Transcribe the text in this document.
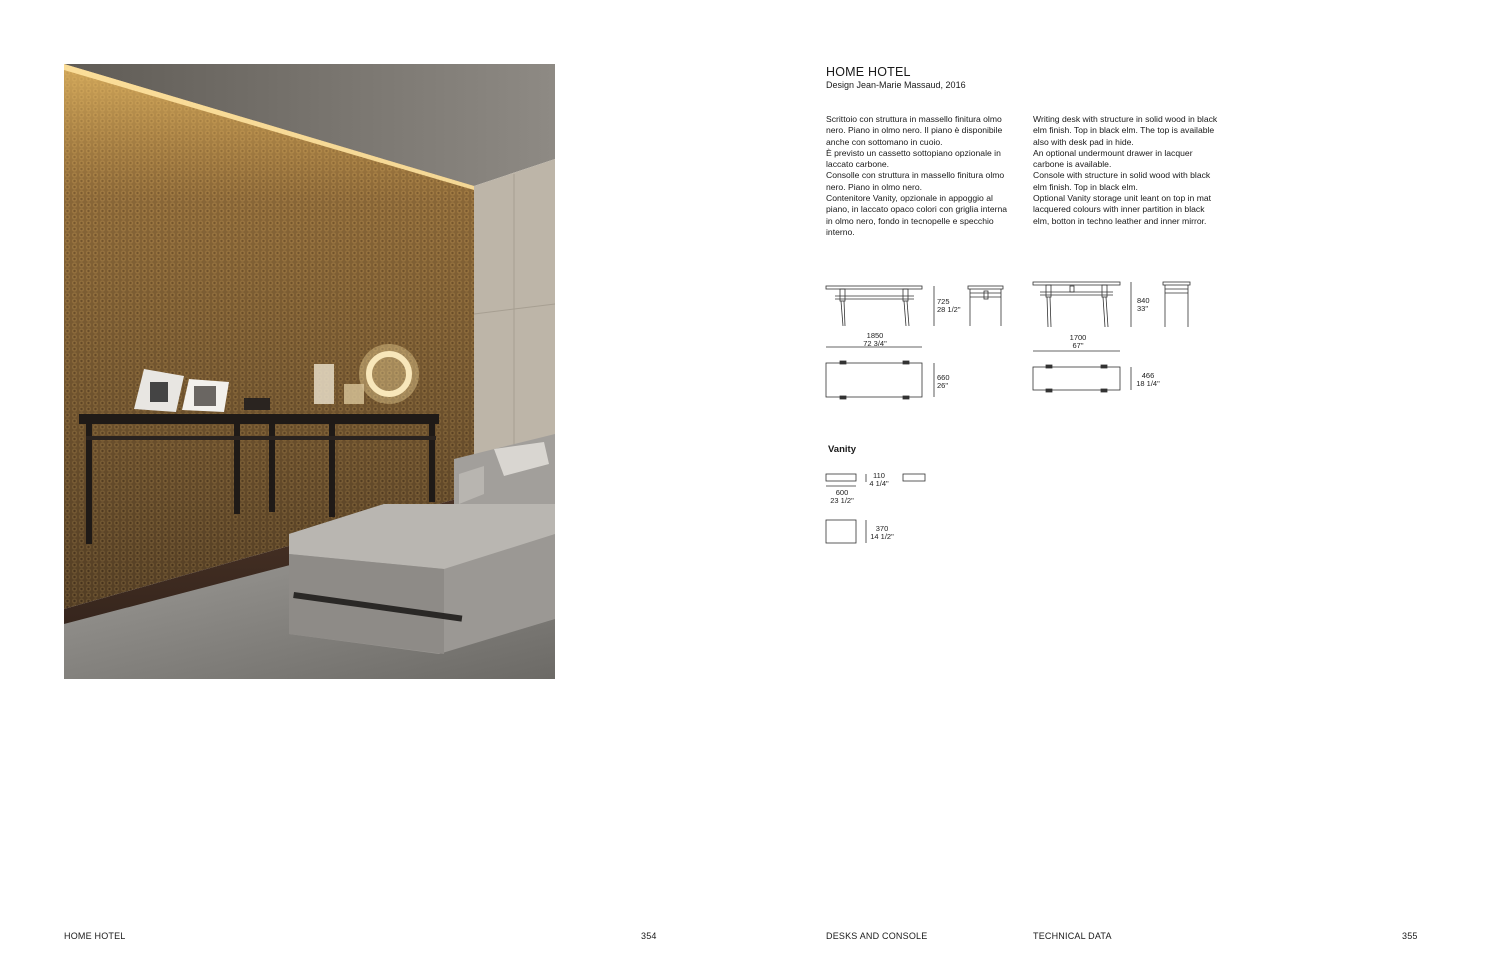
HOME HOTEL
Design Jean-Marie Massaud, 2016

Scrittoio con struttura in massello finitura olmo nero. Piano in olmo nero. Il piano è disponibile anche con sottomano in cuoio.

È previsto un cassetto sottopiano opzionale in laccato carbone.

Consolle con struttura in massello finitura olmo nero. Piano in olmo nero.

Contenitore Vanity, opzionale in appoggio al piano, in laccato opaco colori con griglia interna in olmo nero, fondo in tecnopelle e specchio interno.

Writing desk with structure in solid wood in black elm finish. Top in black elm. The top is available also with desk pad in hide.

An optional undermount drawer in lacquer carbone is available.

Console with structure in solid wood with black elm finish. Top in black elm.

Optional Vanity storage unit leant on top in mat lacquered colours with inner partition in black elm, botton in techno leather and inner mirror.

725
28 1/2"
1850
72 3/4"
660
26"
840
33"
1700
67"
466
18 1/4"
Vanity
110
4 1/4"
600
23 1/2"
370
14 1/2"
HOME HOTEL	354	DESKS AND CONSOLE	TECHNICAL DATA	355
